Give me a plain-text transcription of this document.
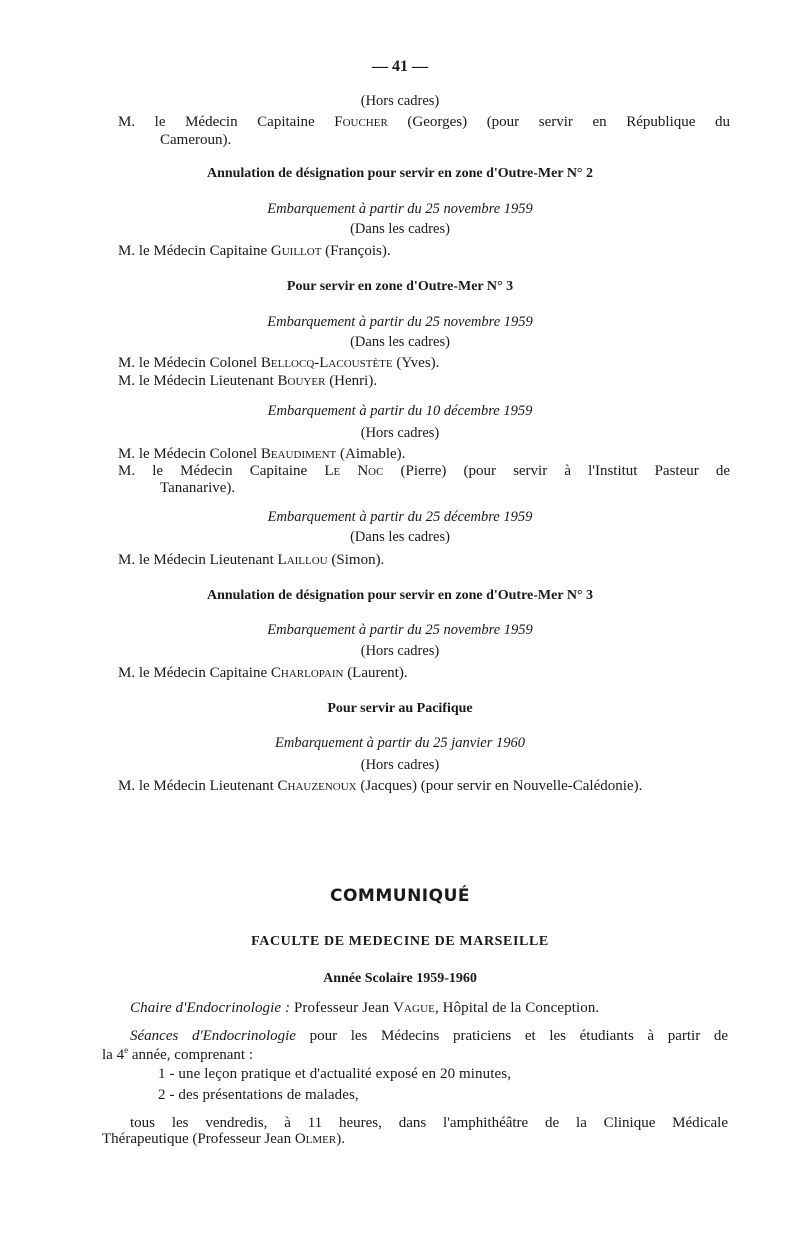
— 41 —
(Hors cadres)
M. le Médecin Capitaine Foucher (Georges) (pour servir en République du
Cameroun).
Annulation de désignation pour servir en zone d'Outre-Mer N° 2
Embarquement à partir du 25 novembre 1959
(Dans les cadres)
M. le Médecin Capitaine Guillot (François).
Pour servir en zone d'Outre-Mer N° 3
Embarquement à partir du 25 novembre 1959
(Dans les cadres)
M. le Médecin Colonel Bellocq-Lacoustète (Yves).
M. le Médecin Lieutenant Bouyer (Henri).
Embarquement à partir du 10 décembre 1959
(Hors cadres)
M. le Médecin Colonel Beaudiment (Aimable).
M. le Médecin Capitaine Le Noc (Pierre) (pour servir à l'Institut Pasteur de
Tananarive).
Embarquement à partir du 25 décembre 1959
(Dans les cadres)
M. le Médecin Lieutenant Laillou (Simon).
Annulation de désignation pour servir en zone d'Outre-Mer N° 3
Embarquement à partir du 25 novembre 1959
(Hors cadres)
M. le Médecin Capitaine Charlopain (Laurent).
Pour servir au Pacifique
Embarquement à partir du 25 janvier 1960
(Hors cadres)
M. le Médecin Lieutenant Chauzenoux (Jacques) (pour servir en Nouvelle-Calédonie).
COMMUNIQUÉ
FACULTE DE MEDECINE DE MARSEILLE
Année Scolaire 1959-1960
Chaire d'Endocrinologie : Professeur Jean Vague, Hôpital de la Conception.
Séances d'Endocrinologie pour les Médecins praticiens et les étudiants à partir de
la 4e année, comprenant :
1 - une leçon pratique et d'actualité exposé en 20 minutes,
2 - des présentations de malades,
tous les vendredis, à 11 heures, dans l'amphithéâtre de la Clinique Médicale
Thérapeutique (Professeur Jean Olmer).
